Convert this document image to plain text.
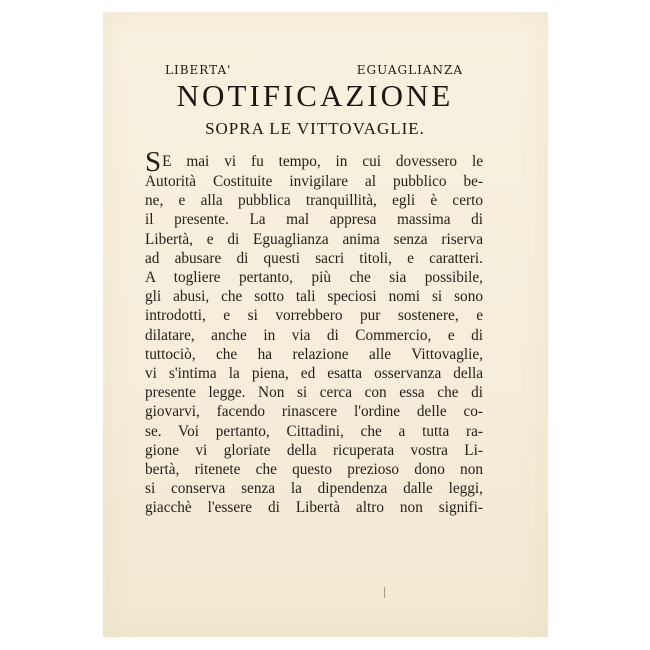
LIBERTA'	EGUAGLIANZA
NOTIFICAZIONE
SOPRA LE VITTOVAGLIE.
SE mai vi fu tempo, in cui dovessero le
Autorità Costituite invigilare al pubblico be-
ne, e alla pubblica tranquillità, egli è certo
il presente. La mal appresa massima di
Libertà, e di Eguaglianza anima senza riserva
ad abusare di questi sacri titoli, e caratteri.
A togliere pertanto, più che sia possibile,
gli abusi, che sotto tali speciosi nomi si sono
introdotti, e si vorrebbero pur sostenere, e
dilatare, anche in via di Commercio, e di
tuttociò, che ha relazione alle Vittovaglie,
vi s'intima la piena, ed esatta osservanza della
presente legge. Non si cerca con essa che di
giovarvi, facendo rinascere l'ordine delle co-
se. Voi pertanto, Cittadini, che a tutta ra-
gione vi gloriate della ricuperata vostra Li-
bertà, ritenete che questo prezioso dono non
si conserva senza la dipendenza dalle leggi,
giacchè l'essere di Libertà altro non signifi-
